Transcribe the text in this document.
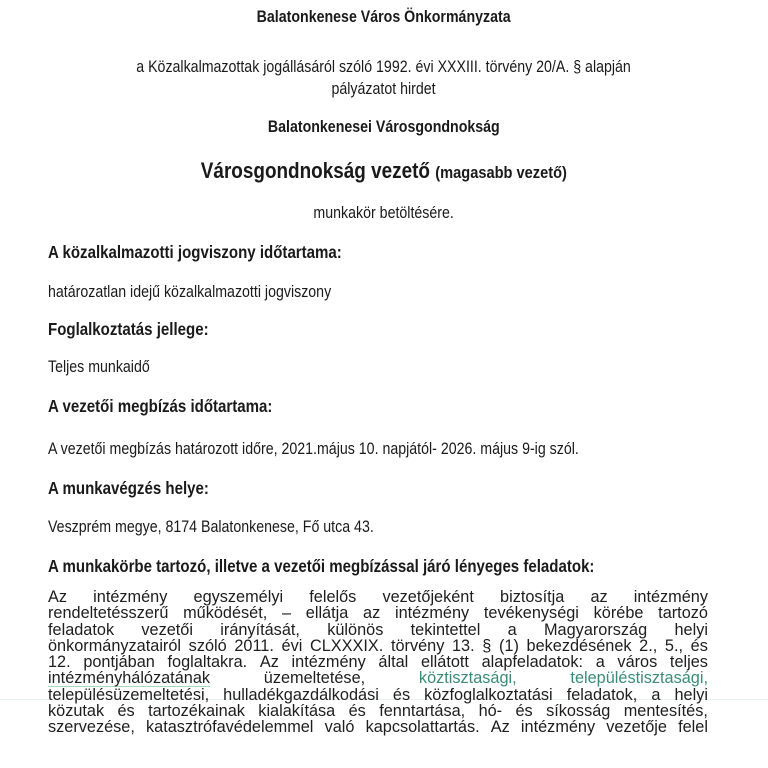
Balatonkenese Város Önkormányzata
a Közalkalmazottak jogállásáról szóló 1992. évi XXXIII. törvény 20/A. § alapján
pályázatot hirdet
Balatonkenesei Városgondnokság
Városgondnokság vezető (magasabb vezető)
munkakör betöltésére.
A közalkalmazotti jogviszony időtartama:
határozatlan idejű közalkalmazotti jogviszony
Foglalkoztatás jellege:
Teljes munkaidő
A vezetői megbízás időtartama:
A vezetői megbízás határozott időre, 2021.május 10. napjától- 2026. május 9-ig szól.
A munkavégzés helye:
Veszprém megye, 8174 Balatonkenese, Fő utca 43.
A munkakörbe tartozó, illetve a vezetői megbízással járó lényeges feladatok:
Az intézmény egyszemélyi felelős vezetőjeként biztosítja az intézmény
rendeltetésszerű működését, – ellátja az intézmény tevékenységi körébe tartozó
feladatok vezetői irányítását, különös tekintettel a Magyarország helyi
önkormányzatairól szóló 2011. évi CLXXXIX. törvény 13. § (1) bekezdésének 2., 5., és
12. pontjában foglaltakra. Az intézmény által ellátott alapfeladatok: a város teljes
intézményhálózatának	üzemeltetése,	köztisztasági,	településtisztasági,
településüzemeltetési, hulladékgazdálkodási és közfoglalkoztatási feladatok, a helyi
közutak és tartozékainak kialakítása és fenntartása, hó- és síkosság mentesítés,
szervezése, katasztrófavédelemmel való kapcsolattartás. Az intézmény vezetője felel
